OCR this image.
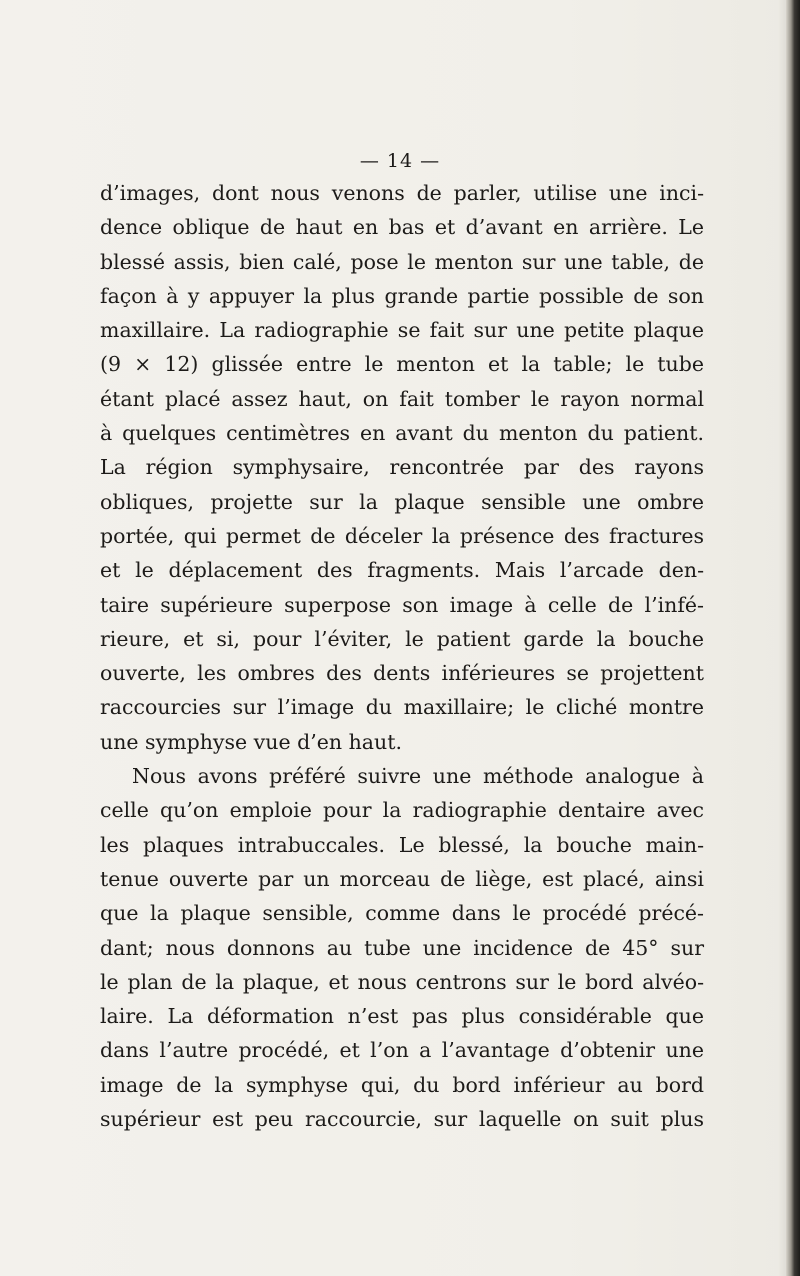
— 14 —
d’images, dont nous venons de parler, utilise une inci-
dence oblique de haut en bas et d’avant en arrière. Le
blessé assis, bien calé, pose le menton sur une table, de
façon à y appuyer la plus grande partie possible de son
maxillaire. La radiographie se fait sur une petite plaque
(9 × 12) glissée entre le menton et la table; le tube
étant placé assez haut, on fait tomber le rayon normal
à quelques centimètres en avant du menton du patient.
La région symphysaire, rencontrée par des rayons
obliques, projette sur la plaque sensible une ombre
portée, qui permet de déceler la présence des fractures
et le déplacement des fragments. Mais l’arcade den-
taire supérieure superpose son image à celle de l’infé-
rieure, et si, pour l’éviter, le patient garde la bouche
ouverte, les ombres des dents inférieures se projettent
raccourcies sur l’image du maxillaire; le cliché montre
une symphyse vue d’en haut.
Nous avons préféré suivre une méthode analogue à
celle qu’on emploie pour la radiographie dentaire avec
les plaques intrabuccales. Le blessé, la bouche main-
tenue ouverte par un morceau de liège, est placé, ainsi
que la plaque sensible, comme dans le procédé précé-
dant; nous donnons au tube une incidence de 45° sur
le plan de la plaque, et nous centrons sur le bord alvéo-
laire. La déformation n’est pas plus considérable que
dans l’autre procédé, et l’on a l’avantage d’obtenir une
image de la symphyse qui, du bord inférieur au bord
supérieur est peu raccourcie, sur laquelle on suit plus
